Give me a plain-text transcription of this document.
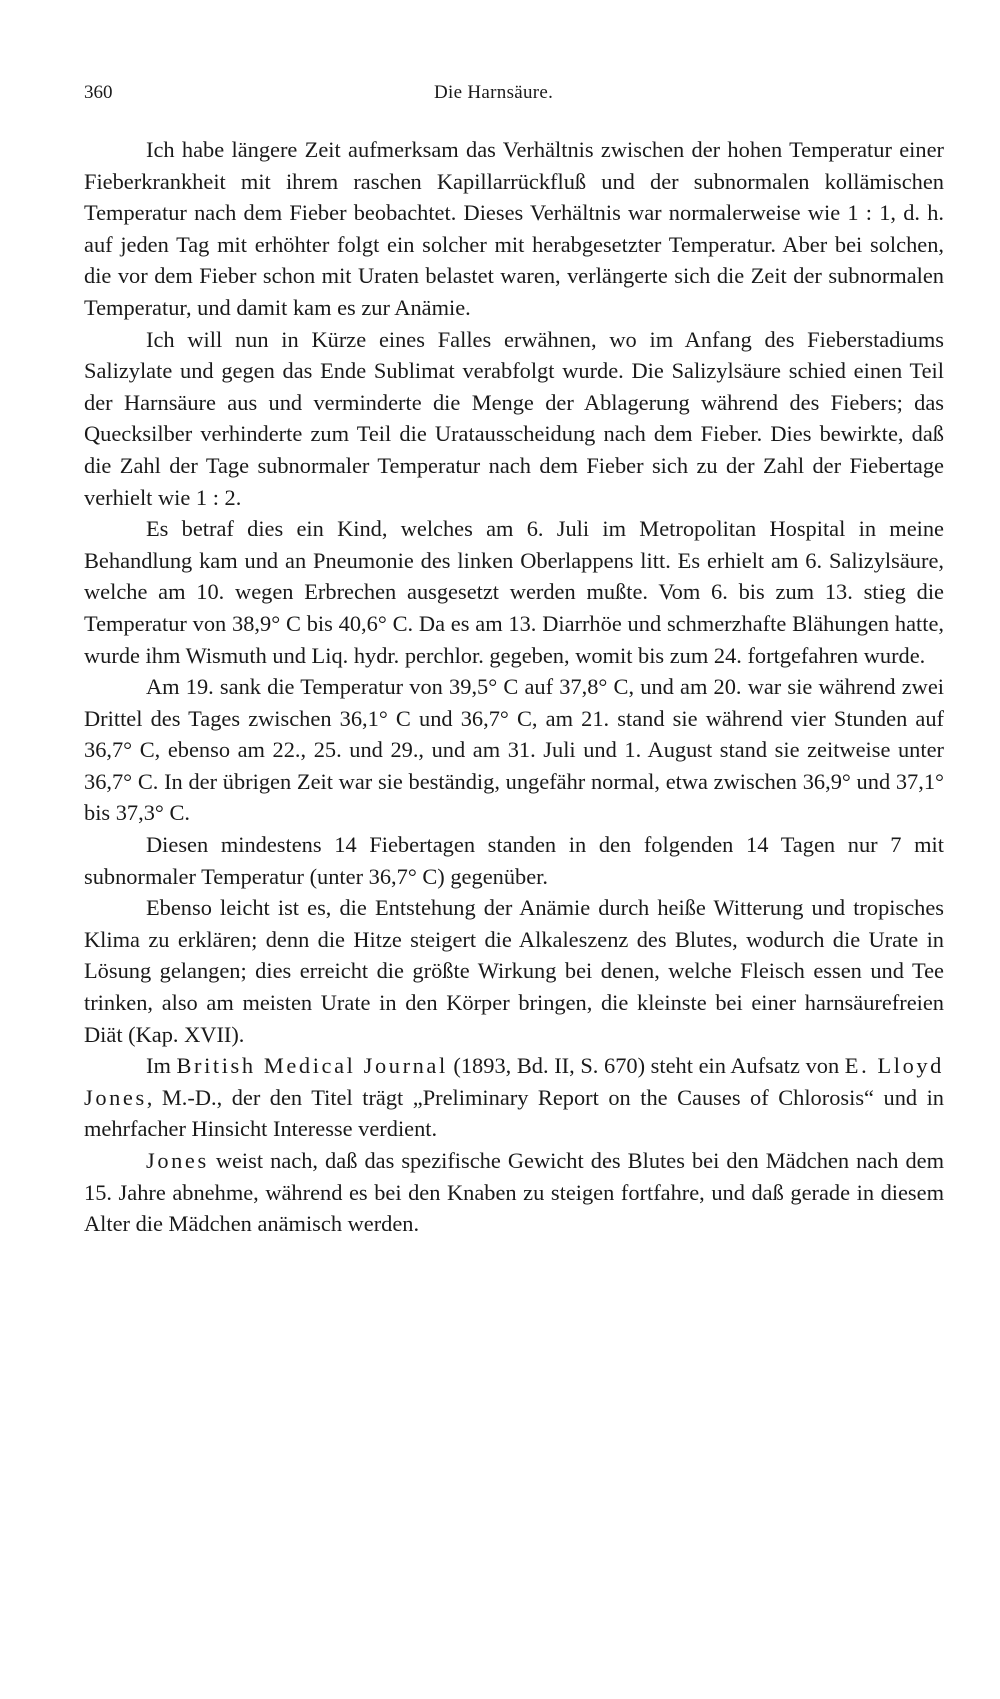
360	Die Harnsäure.

Ich habe längere Zeit aufmerksam das Verhältnis zwischen der hohen Temperatur einer Fieberkrankheit mit ihrem raschen Kapillarrückfluß und der subnormalen kollämischen Temperatur nach dem Fieber beobachtet. Dieses Verhältnis war normalerweise wie 1 : 1, d. h. auf jeden Tag mit erhöhter folgt ein solcher mit herabgesetzter Temperatur. Aber bei solchen, die vor dem Fieber schon mit Uraten belastet waren, verlängerte sich die Zeit der subnormalen Temperatur, und damit kam es zur Anämie.

Ich will nun in Kürze eines Falles erwähnen, wo im Anfang des Fieberstadiums Salizylate und gegen das Ende Sublimat verabfolgt wurde. Die Salizylsäure schied einen Teil der Harnsäure aus und verminderte die Menge der Ablagerung während des Fiebers; das Quecksilber verhinderte zum Teil die Uratausscheidung nach dem Fieber. Dies bewirkte, daß die Zahl der Tage subnormaler Temperatur nach dem Fieber sich zu der Zahl der Fiebertage verhielt wie 1 : 2.

Es betraf dies ein Kind, welches am 6. Juli im Metropolitan Hospital in meine Behandlung kam und an Pneumonie des linken Oberlappens litt. Es erhielt am 6. Salizylsäure, welche am 10. wegen Erbrechen ausgesetzt werden mußte. Vom 6. bis zum 13. stieg die Temperatur von 38,9° C bis 40,6° C. Da es am 13. Diarrhöe und schmerzhafte Blähungen hatte, wurde ihm Wismuth und Liq. hydr. perchlor. gegeben, womit bis zum 24. fortgefahren wurde.

Am 19. sank die Temperatur von 39,5° C auf 37,8° C, und am 20. war sie während zwei Drittel des Tages zwischen 36,1° C und 36,7° C, am 21. stand sie während vier Stunden auf 36,7° C, ebenso am 22., 25. und 29., und am 31. Juli und 1. August stand sie zeitweise unter 36,7° C. In der übrigen Zeit war sie beständig, ungefähr normal, etwa zwischen 36,9° und 37,1° bis 37,3° C.

Diesen mindestens 14 Fiebertagen standen in den folgenden 14 Tagen nur 7 mit subnormaler Temperatur (unter 36,7° C) gegenüber.

Ebenso leicht ist es, die Entstehung der Anämie durch heiße Witterung und tropisches Klima zu erklären; denn die Hitze steigert die Alkaleszenz des Blutes, wodurch die Urate in Lösung gelangen; dies erreicht die größte Wirkung bei denen, welche Fleisch essen und Tee trinken, also am meisten Urate in den Körper bringen, die kleinste bei einer harnsäurefreien Diät (Kap. XVII).

Im British Medical Journal (1893, Bd. II, S. 670) steht ein Aufsatz von E. Lloyd Jones, M.-D., der den Titel trägt „Preliminary Report on the Causes of Chlorosis“ und in mehrfacher Hinsicht Interesse verdient.

Jones weist nach, daß das spezifische Gewicht des Blutes bei den Mädchen nach dem 15. Jahre abnehme, während es bei den Knaben zu steigen fortfahre, und daß gerade in diesem Alter die Mädchen anämisch werden.
